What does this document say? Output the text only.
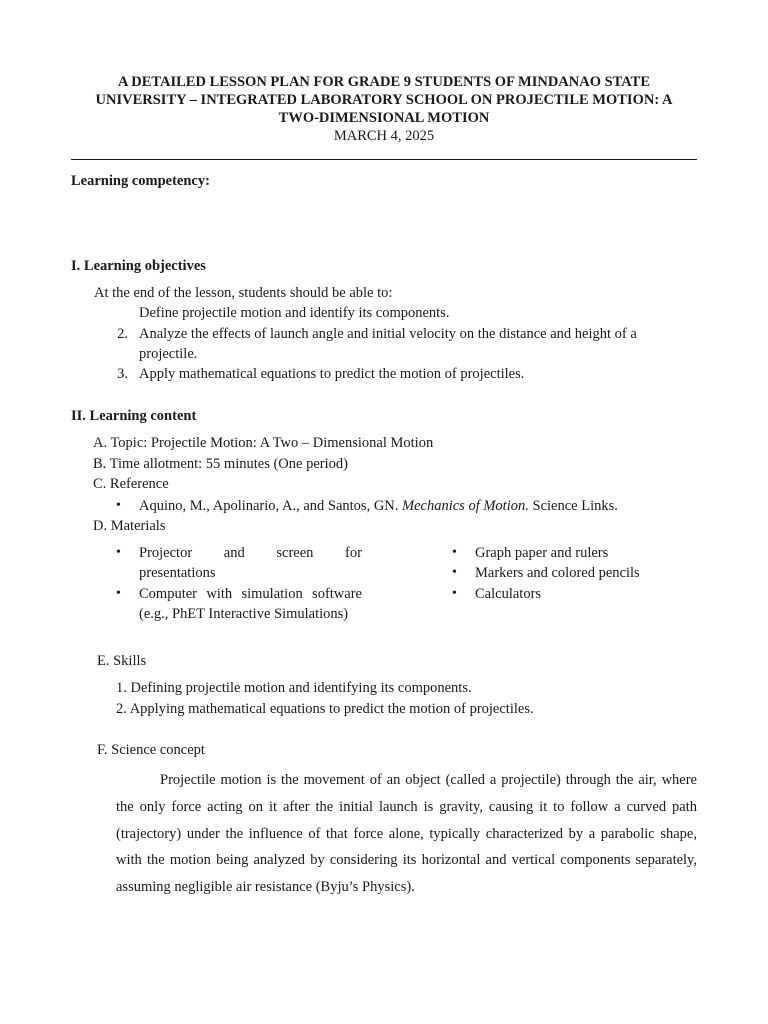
A DETAILED LESSON PLAN FOR GRADE 9 STUDENTS OF MINDANAO STATE
UNIVERSITY – INTEGRATED LABORATORY SCHOOL ON PROJECTILE MOTION: A
TWO-DIMENSIONAL MOTION
MARCH 4, 2025
Learning competency:
I. Learning objectives
At the end of the lesson, students should be able to:
Define projectile motion and identify its components.
2. Analyze the effects of launch angle and initial velocity on the distance and height of a
projectile.
3. Apply mathematical equations to predict the motion of projectiles.
II. Learning content
A. Topic: Projectile Motion: A Two – Dimensional Motion
B. Time allotment: 55 minutes (One period)
C. Reference
• Aquino, M., Apolinario, A., and Santos, GN. Mechanics of Motion. Science Links.
D. Materials
• Projector and screen for
presentations
• Computer with simulation software
(e.g., PhET Interactive Simulations)
• Graph paper and rulers
• Markers and colored pencils
• Calculators
E. Skills
1. Defining projectile motion and identifying its components.
2. Applying mathematical equations to predict the motion of projectiles.
F. Science concept
Projectile motion is the movement of an object (called a projectile) through the air, where the only force acting on it after the initial launch is gravity, causing it to follow a curved path (trajectory) under the influence of that force alone, typically characterized by a parabolic shape, with the motion being analyzed by considering its horizontal and vertical components separately, assuming negligible air resistance (Byju’s Physics).
